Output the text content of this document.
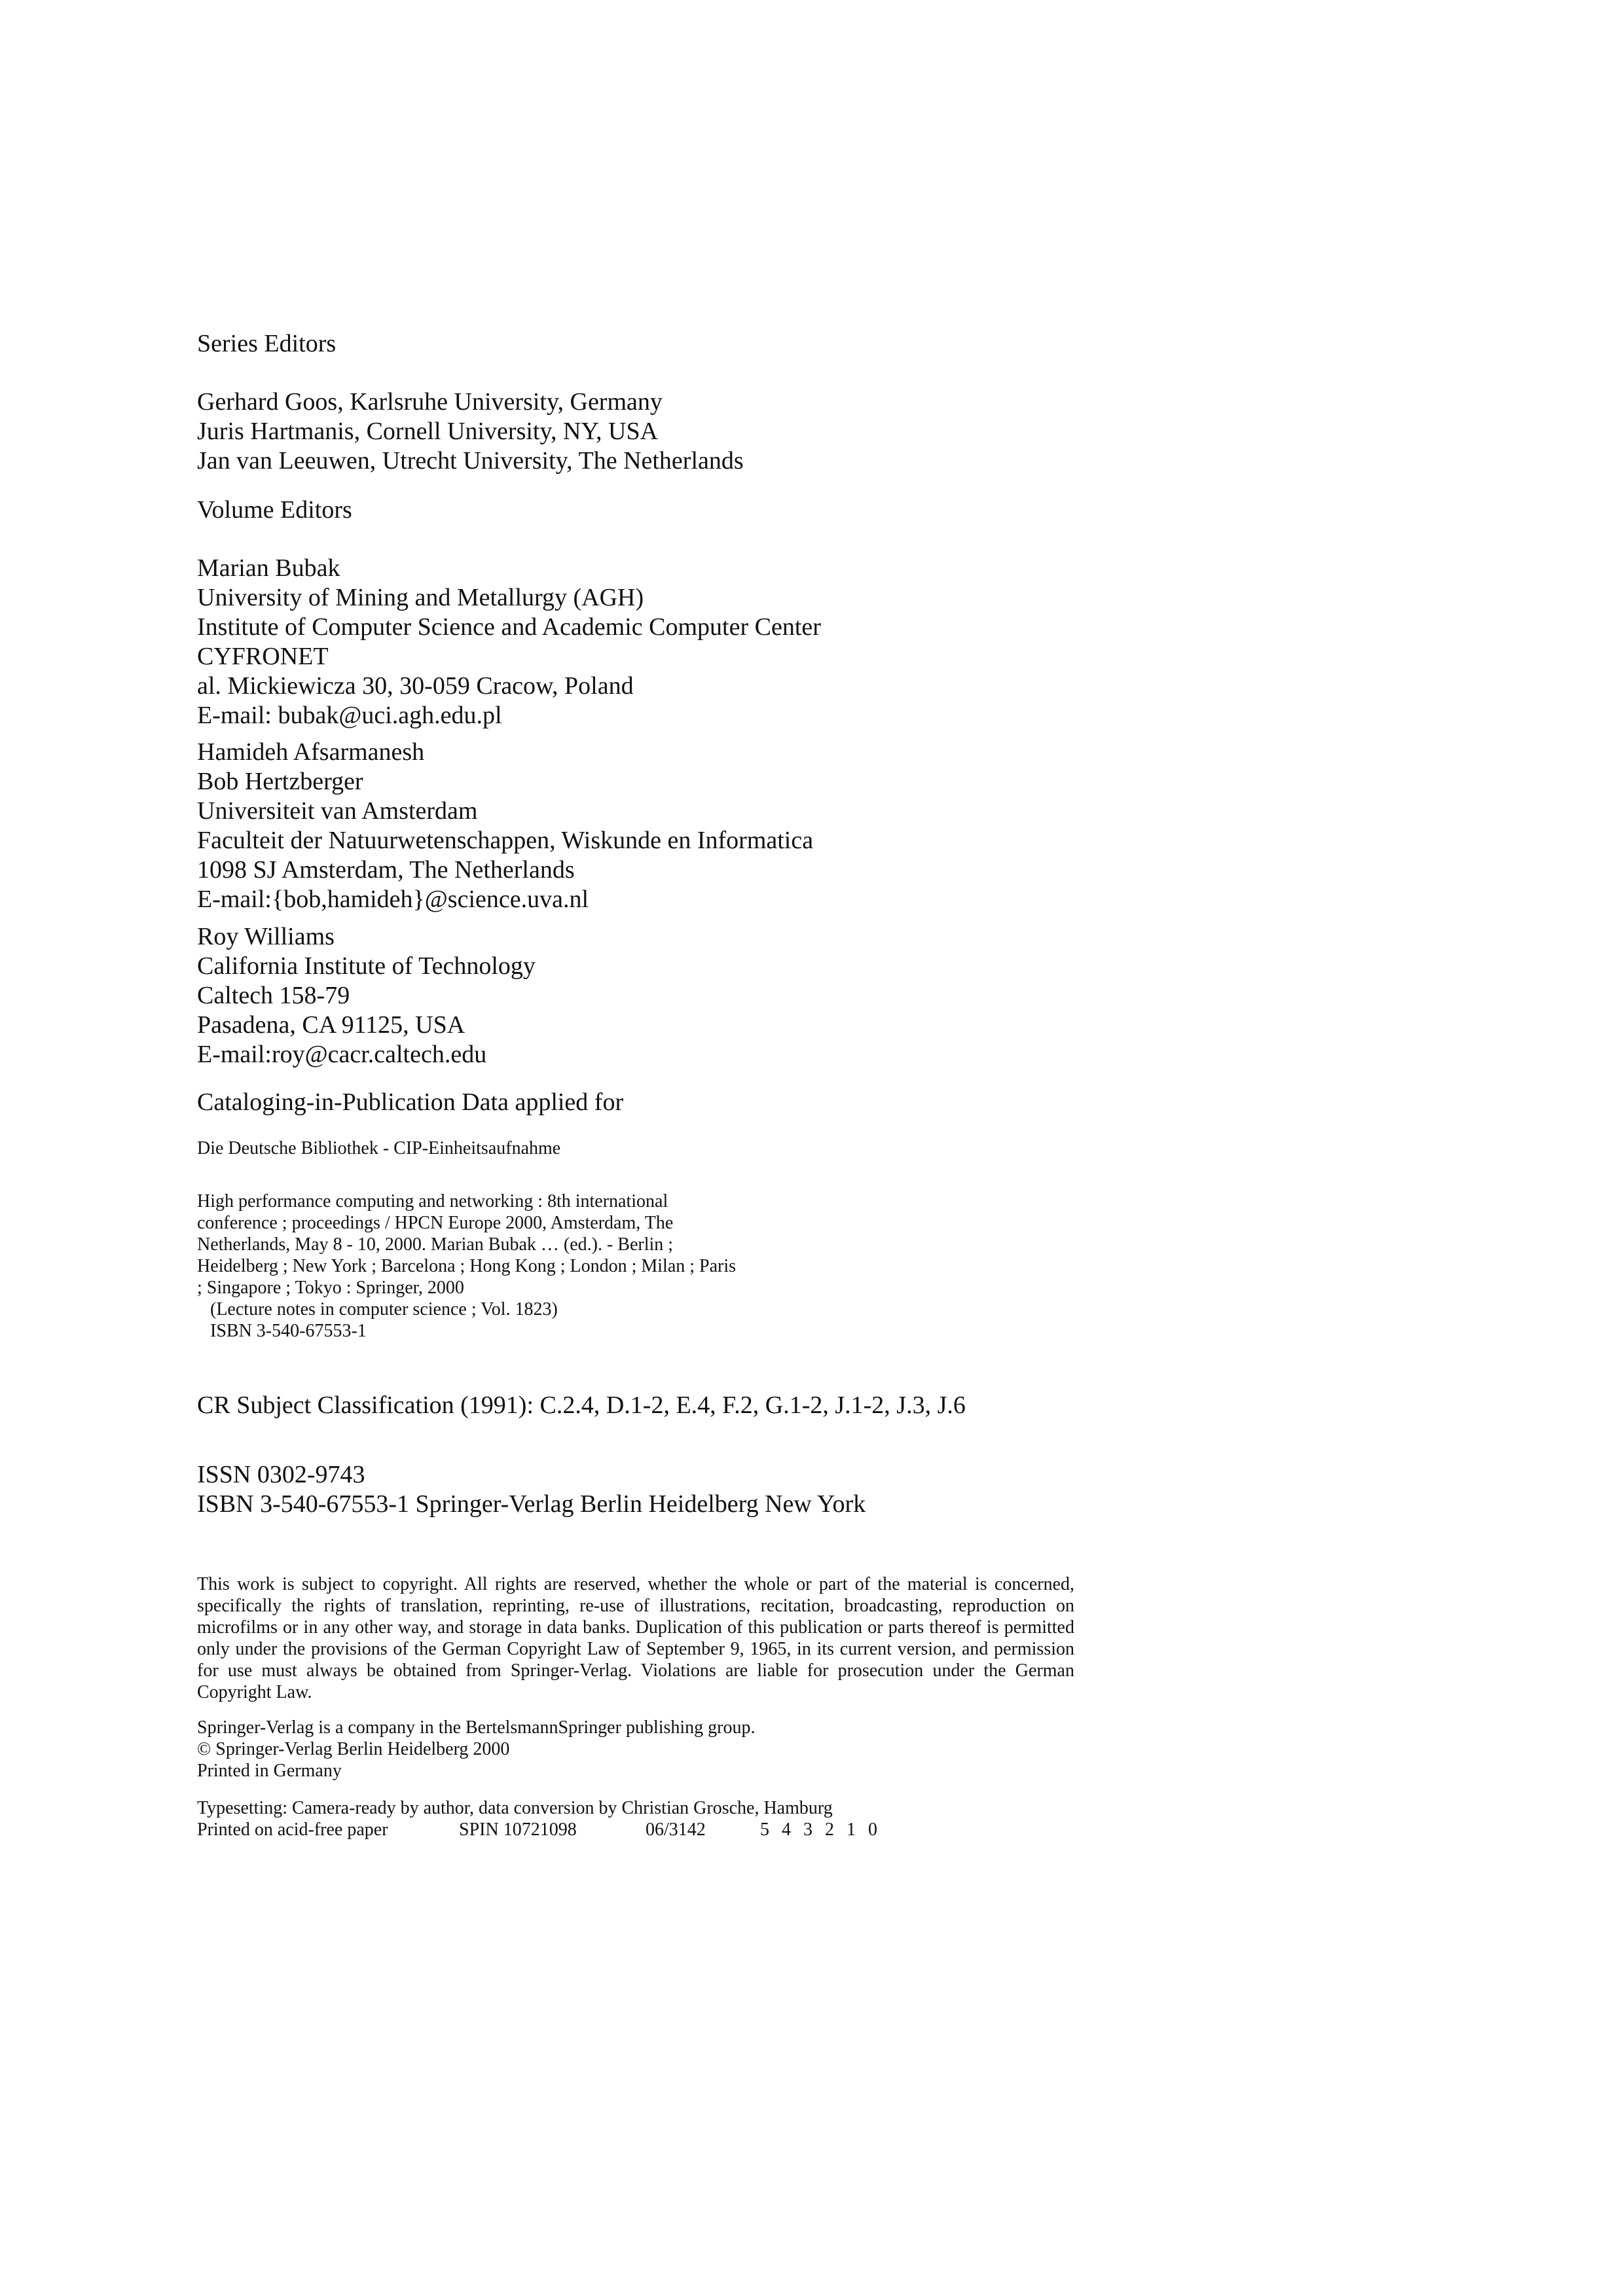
Series Editors
Gerhard Goos, Karlsruhe University, Germany
Juris Hartmanis, Cornell University, NY, USA
Jan van Leeuwen, Utrecht University, The Netherlands
Volume Editors
Marian Bubak
University of Mining and Metallurgy (AGH)
Institute of Computer Science and Academic Computer Center
CYFRONET
al. Mickiewicza 30, 30-059 Cracow, Poland
E-mail: bubak@uci.agh.edu.pl
Hamideh Afsarmanesh
Bob Hertzberger
Universiteit van Amsterdam
Faculteit der Natuurwetenschappen, Wiskunde en Informatica
1098 SJ Amsterdam, The Netherlands
E-mail:{bob,hamideh}@science.uva.nl
Roy Williams
California Institute of Technology
Caltech 158-79
Pasadena, CA 91125, USA
E-mail:roy@cacr.caltech.edu
Cataloging-in-Publication Data applied for
Die Deutsche Bibliothek - CIP-Einheitsaufnahme
High performance computing and networking : 8th international
conference ; proceedings / HPCN Europe 2000, Amsterdam, The
Netherlands, May 8 - 10, 2000. Marian Bubak … (ed.). - Berlin ;
Heidelberg ; New York ; Barcelona ; Hong Kong ; London ; Milan ; Paris
; Singapore ; Tokyo : Springer, 2000
(Lecture notes in computer science ; Vol. 1823)
ISBN 3-540-67553-1
CR Subject Classification (1991): C.2.4, D.1-2, E.4, F.2, G.1-2, J.1-2, J.3, J.6
ISSN 0302-9743
ISBN 3-540-67553-1 Springer-Verlag Berlin Heidelberg New York
This work is subject to copyright. All rights are reserved, whether the whole or part of the material is concerned, specifically the rights of translation, reprinting, re-use of illustrations, recitation, broadcasting, reproduction on microfilms or in any other way, and storage in data banks. Duplication of this publication or parts thereof is permitted only under the provisions of the German Copyright Law of September 9, 1965, in its current version, and permission for use must always be obtained from Springer-Verlag. Violations are liable for prosecution under the German Copyright Law.
Springer-Verlag is a company in the BertelsmannSpringer publishing group.
© Springer-Verlag Berlin Heidelberg 2000
Printed in Germany
Typesetting: Camera-ready by author, data conversion by Christian Grosche, Hamburg
Printed on acid-free paper	SPIN 10721098	06/3142	5 4 3 2 1 0
